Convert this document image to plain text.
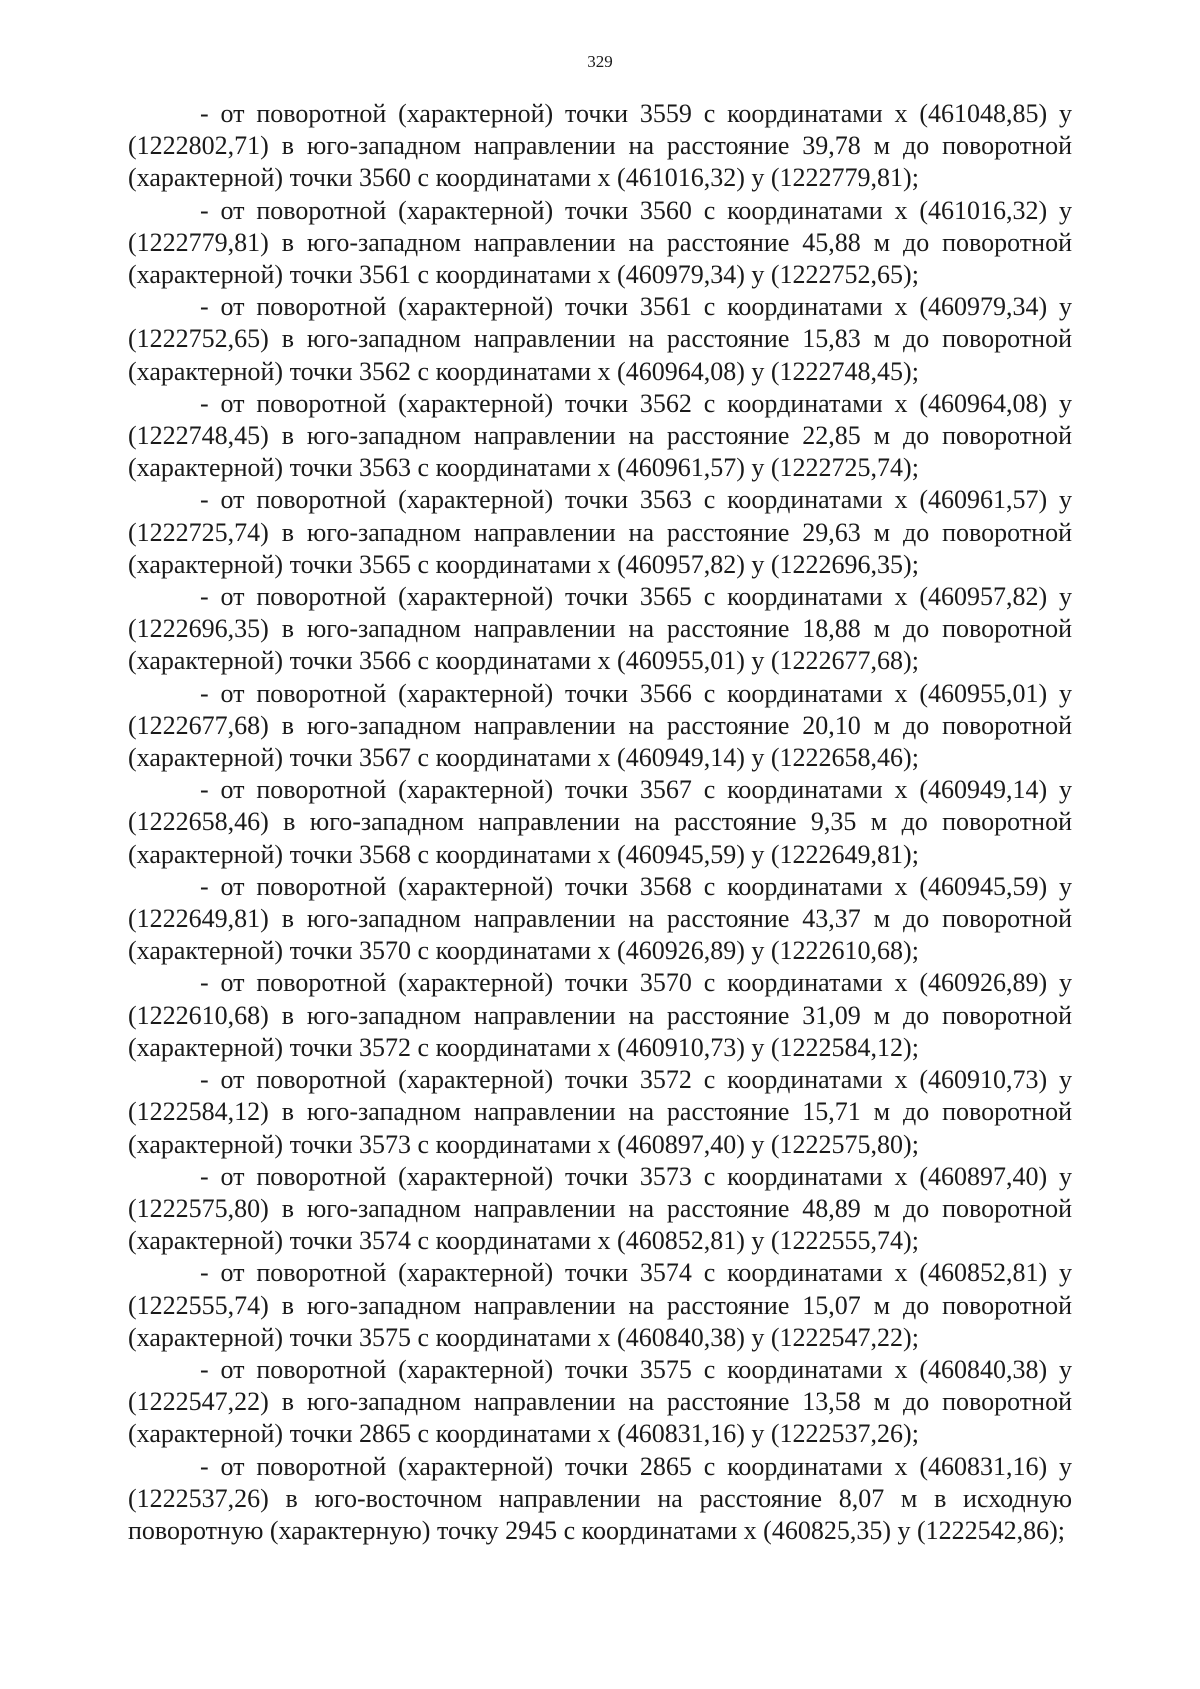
329

- от поворотной (характерной) точки 3559 с координатами х (461048,85) у (1222802,71) в юго-западном направлении на расстояние 39,78 м до поворотной (характерной) точки 3560 с координатами х (461016,32) у (1222779,81);

- от поворотной (характерной) точки 3560 с координатами х (461016,32) у (1222779,81) в юго-западном направлении на расстояние 45,88 м до поворотной (характерной) точки 3561 с координатами х (460979,34) у (1222752,65);

- от поворотной (характерной) точки 3561 с координатами х (460979,34) у (1222752,65) в юго-западном направлении на расстояние 15,83 м до поворотной (характерной) точки 3562 с координатами х (460964,08) у (1222748,45);

- от поворотной (характерной) точки 3562 с координатами х (460964,08) у (1222748,45) в юго-западном направлении на расстояние 22,85 м до поворотной (характерной) точки 3563 с координатами х (460961,57) у (1222725,74);

- от поворотной (характерной) точки 3563 с координатами х (460961,57) у (1222725,74) в юго-западном направлении на расстояние 29,63 м до поворотной (характерной) точки 3565 с координатами х (460957,82) у (1222696,35);

- от поворотной (характерной) точки 3565 с координатами х (460957,82) у (1222696,35) в юго-западном направлении на расстояние 18,88 м до поворотной (характерной) точки 3566 с координатами х (460955,01) у (1222677,68);

- от поворотной (характерной) точки 3566 с координатами х (460955,01) у (1222677,68) в юго-западном направлении на расстояние 20,10 м до поворотной (характерной) точки 3567 с координатами х (460949,14) у (1222658,46);

- от поворотной (характерной) точки 3567 с координатами х (460949,14) у (1222658,46) в юго-западном направлении на расстояние 9,35 м до поворотной (характерной) точки 3568 с координатами х (460945,59) у (1222649,81);

- от поворотной (характерной) точки 3568 с координатами х (460945,59) у (1222649,81) в юго-западном направлении на расстояние 43,37 м до поворотной (характерной) точки 3570 с координатами х (460926,89) у (1222610,68);

- от поворотной (характерной) точки 3570 с координатами х (460926,89) у (1222610,68) в юго-западном направлении на расстояние 31,09 м до поворотной (характерной) точки 3572 с координатами х (460910,73) у (1222584,12);

- от поворотной (характерной) точки 3572 с координатами х (460910,73) у (1222584,12) в юго-западном направлении на расстояние 15,71 м до поворотной (характерной) точки 3573 с координатами х (460897,40) у (1222575,80);

- от поворотной (характерной) точки 3573 с координатами х (460897,40) у (1222575,80) в юго-западном направлении на расстояние 48,89 м до поворотной (характерной) точки 3574 с координатами х (460852,81) у (1222555,74);

- от поворотной (характерной) точки 3574 с координатами х (460852,81) у (1222555,74) в юго-западном направлении на расстояние 15,07 м до поворотной (характерной) точки 3575 с координатами х (460840,38) у (1222547,22);

- от поворотной (характерной) точки 3575 с координатами х (460840,38) у (1222547,22) в юго-западном направлении на расстояние 13,58 м до поворотной (характерной) точки 2865 с координатами х (460831,16) у (1222537,26);

- от поворотной (характерной) точки 2865 с координатами х (460831,16) у (1222537,26) в юго-восточном направлении на расстояние 8,07 м в исходную поворотную (характерную) точку 2945 с координатами х (460825,35) у (1222542,86);
